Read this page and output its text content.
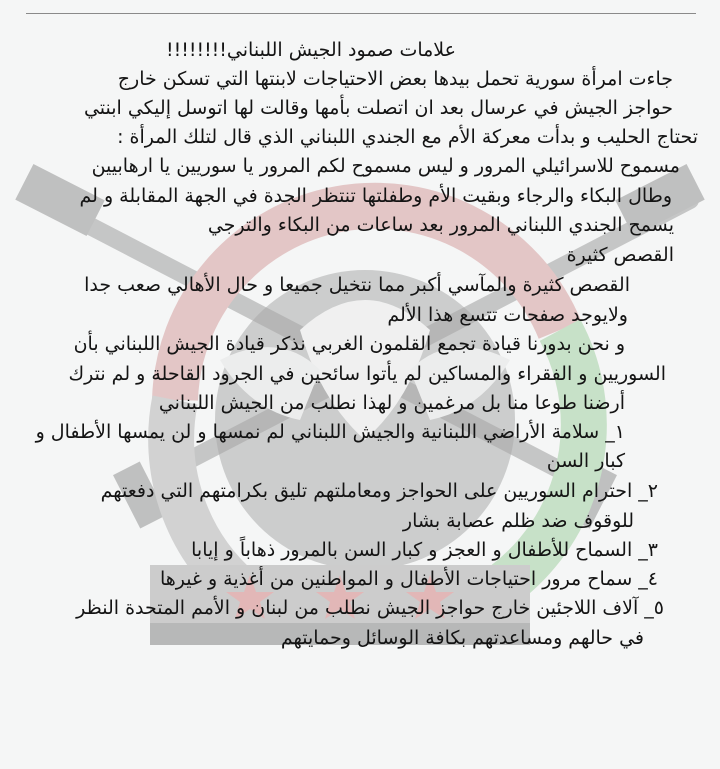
علامات صمود الجيش اللبناني!!!!!!!!
جاءت امرأة سورية تحمل بيدها بعض الاحتياجات لابنتها التي تسكن خارج
حواجز الجيش في عرسال بعد ان اتصلت بأمها وقالت لها اتوسل إليكي ابنتي
تحتاج الحليب و بدأت معركة الأم مع الجندي اللبناني الذي قال لتلك المرأة :
مسموح للاسرائيلي المرور و ليس مسموح لكم المرور يا سوريين يا ارهابيين
وطال البكاء والرجاء وبقيت الأم وطفلتها تنتظر الجدة في الجهة المقابلة و لم
يسمح الجندي اللبناني المرور بعد ساعات من البكاء والترجي
القصص كثيرة
القصص كثيرة والمآسي أكبر مما نتخيل جميعا و حال الأهالي صعب جدا
ولايوجد صفحات تتسع هذا الألم
و نحن بدورنا قيادة تجمع القلمون الغربي نذكر قيادة الجيش اللبناني بأن
السوريين و الفقراء والمساكين لم يأتوا سائحين في الجرود القاحلة و لم نترك
أرضنا طوعا منا بل مرغمين و لهذا نطلب من الجيش اللبناني
١_ سلامة الأراضي اللبنانية والجيش اللبناني لم نمسها و لن يمسها الأطفال و
كبار السن
٢_ احترام السوريين على الحواجز ومعاملتهم تليق بكرامتهم التي دفعتهم
للوقوف ضد ظلم عصابة بشار
٣_ السماح للأطفال و العجز و كبار السن بالمرور ذهاباً و إيابا
٤_ سماح مرور احتياجات الأطفال و المواطنين من أغذية و غيرها
٥_ آلاف اللاجئين خارج حواجز الجيش نطلب من لبنان و الأمم المتحدة النظر
في حالهم ومساعدتهم بكافة الوسائل وحمايتهم
